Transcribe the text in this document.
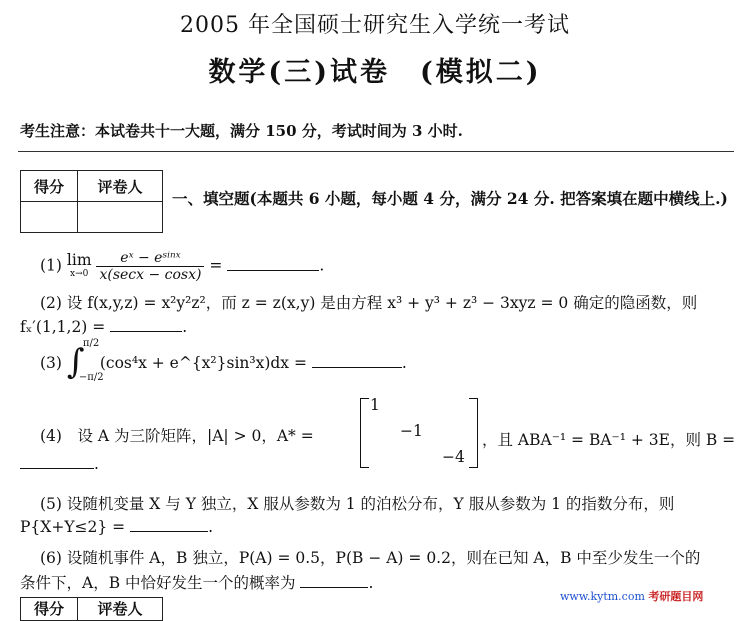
2005 年全国硕士研究生入学统一考试
数学(三)试卷　(模拟二)
考生注意：本试卷共十一大题，满分 150 分，考试时间为 3 小时.
得分	评卷人

一、填空题(本题共 6 小题，每小题 4 分，满分 24 分. 把答案填在题中横线上.)
(1) lim
x→0
$\frac{\text{eˣ − eˢⁱⁿˣ}}{x(\sec x - \cos x)}$ =	.
(2) 设 f(x,y,z) = x²y²z²，而 z = z(x,y) 是由方程 x³ + y³ + z³ − 3xyz = 0 确定的隐函数，则
fₓ′(1,1,2) =	.
(3) ∫
π/2
−π/2
(cos⁴x + e^{x²}sin³x)dx =	.
(4)　设 A 为三阶矩阵，|A| > 0，A* =
1
−1
−4
，且 ABA⁻¹ = BA⁻¹ + 3E，则 B =
.
(5) 设随机变量 X 与 Y 独立，X 服从参数为 1 的泊松分布，Y 服从参数为 1 的指数分布，则
P{X+Y≤2} =	.
(6) 设随机事件 A，B 独立，P(A) = 0.5，P(B − A) = 0.2，则在已知 A，B 中至少发生一个的
条件下，A，B 中恰好发生一个的概率为	.
www.kytm.com 考研题目网
得分	评卷人
